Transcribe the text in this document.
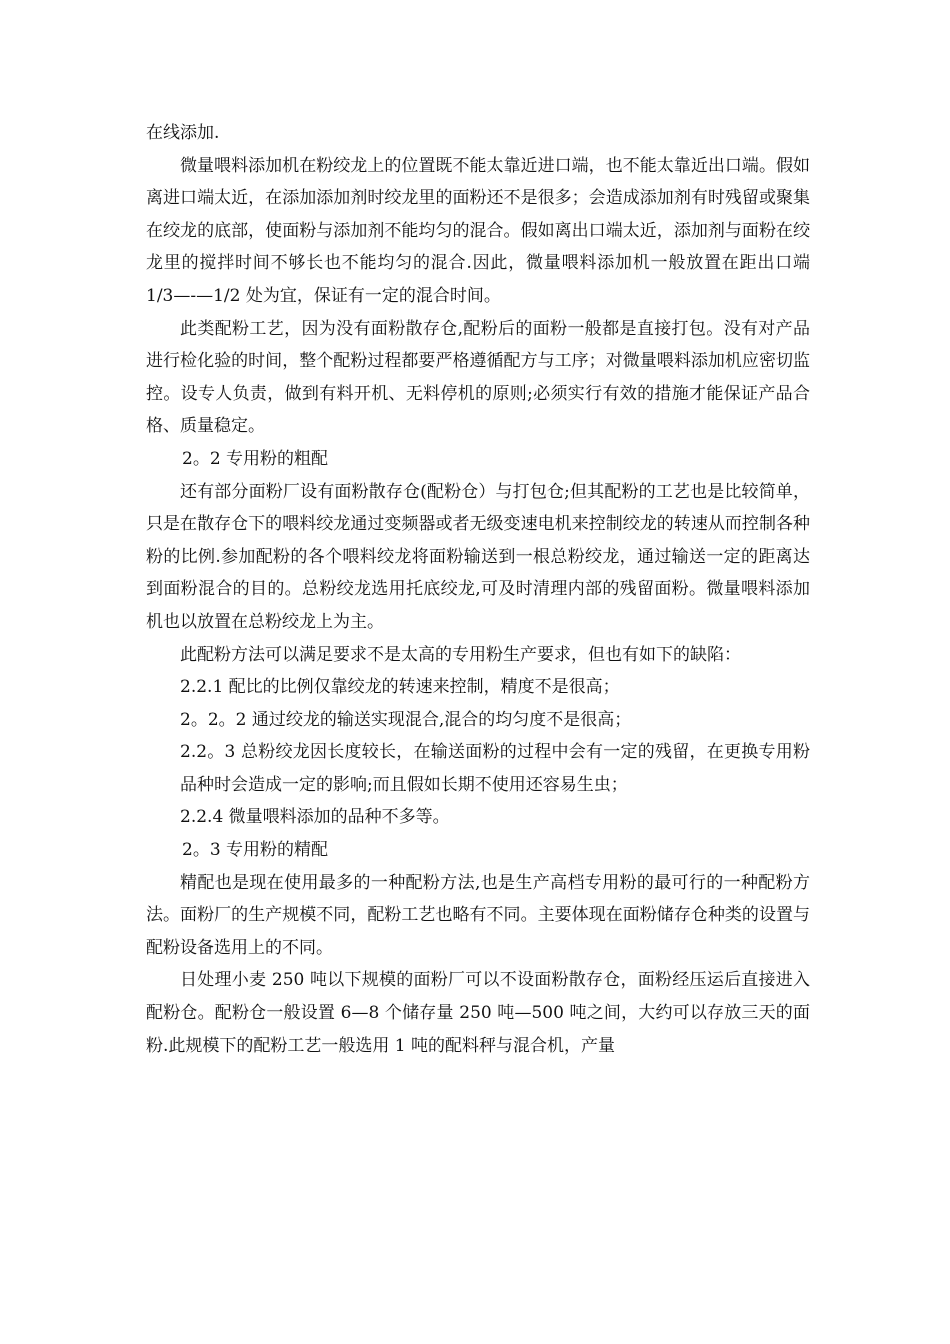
在线添加.

微量喂料添加机在粉绞龙上的位置既不能太靠近进口端，也不能太靠近出口端。假如离进口端太近，在添加添加剂时绞龙里的面粉还不是很多；会造成添加剂有时残留或聚集在绞龙的底部，使面粉与添加剂不能均匀的混合。假如离出口端太近，添加剂与面粉在绞龙里的搅拌时间不够长也不能均匀的混合.因此，微量喂料添加机一般放置在距出口端 1/3—-—1/2 处为宜，保证有一定的混合时间。

此类配粉工艺，因为没有面粉散存仓,配粉后的面粉一般都是直接打包。没有对产品进行检化验的时间，整个配粉过程都要严格遵循配方与工序；对微量喂料添加机应密切监控。设专人负责，做到有料开机、无料停机的原则;必须实行有效的措施才能保证产品合格、质量稳定。

2。2 专用粉的粗配

还有部分面粉厂设有面粉散存仓(配粉仓）与打包仓;但其配粉的工艺也是比较简单，只是在散存仓下的喂料绞龙通过变频器或者无级变速电机来控制绞龙的转速从而控制各种粉的比例.参加配粉的各个喂料绞龙将面粉输送到一根总粉绞龙，通过输送一定的距离达到面粉混合的目的。总粉绞龙选用托底绞龙,可及时清理内部的残留面粉。微量喂料添加机也以放置在总粉绞龙上为主。

此配粉方法可以满足要求不是太高的专用粉生产要求，但也有如下的缺陷：

2.2.1 配比的比例仅靠绞龙的转速来控制，精度不是很高；

2。2。2 通过绞龙的输送实现混合,混合的均匀度不是很高；

2.2。3 总粉绞龙因长度较长，在输送面粉的过程中会有一定的残留，在更换专用粉品种时会造成一定的影响;而且假如长期不使用还容易生虫；

2.2.4 微量喂料添加的品种不多等。

2。3 专用粉的精配

精配也是现在使用最多的一种配粉方法,也是生产高档专用粉的最可行的一种配粉方法。面粉厂的生产规模不同，配粉工艺也略有不同。主要体现在面粉储存仓种类的设置与配粉设备选用上的不同。

日处理小麦 250 吨以下规模的面粉厂可以不设面粉散存仓，面粉经压运后直接进入配粉仓。配粉仓一般设置 6—8 个储存量 250 吨—500 吨之间，大约可以存放三天的面粉.此规模下的配粉工艺一般选用 1 吨的配料秤与混合机，产量
